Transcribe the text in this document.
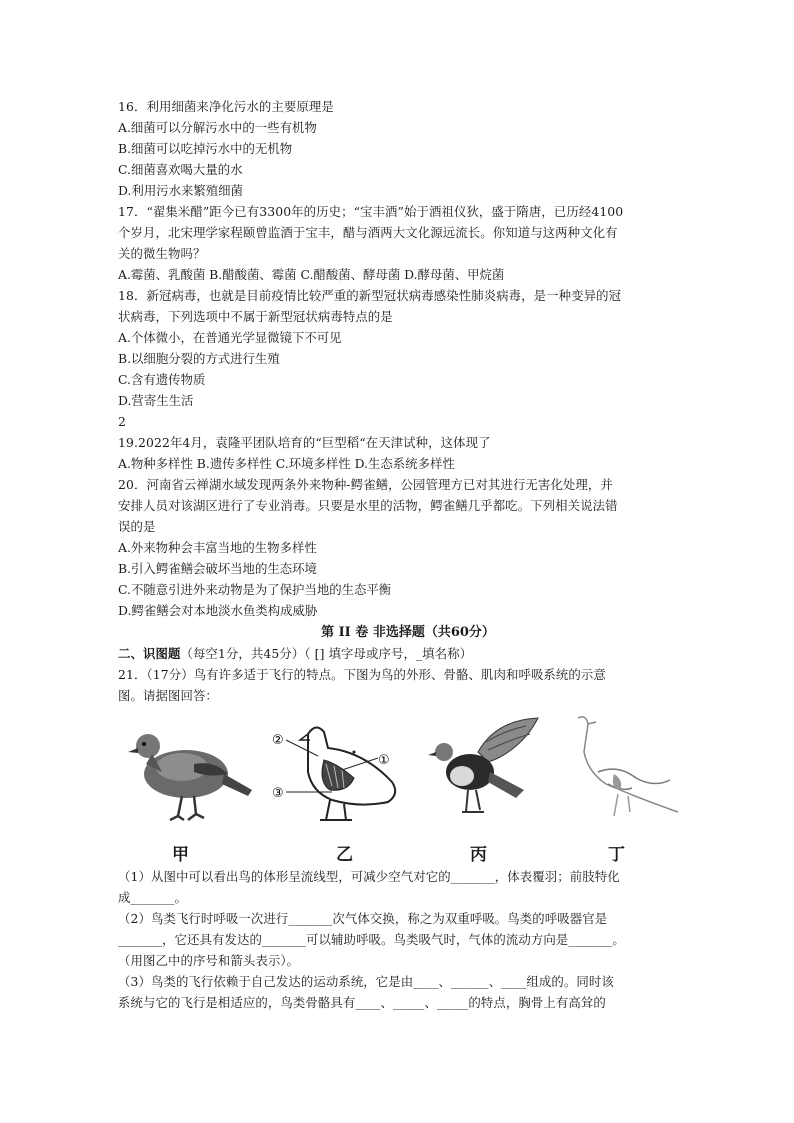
16．利用细菌来净化污水的主要原理是
A.细菌可以分解污水中的一些有机物
B.细菌可以吃掉污水中的无机物
C.细菌喜欢喝大量的水
D.利用污水来繁殖细菌
17．“翟集米醋”距今已有3300年的历史；“宝丰酒”始于酒祖仪狄，盛于隋唐，已历经4100
个岁月，北宋理学家程颐曾监酒于宝丰，醋与酒两大文化源远流长。你知道与这两种文化有
关的微生物吗？
A.霉菌、乳酸菌 B.醋酸菌、霉菌 C.醋酸菌、酵母菌 D.酵母菌、甲烷菌
18．新冠病毒，也就是目前疫情比较严重的新型冠状病毒感染性肺炎病毒，是一种变异的冠
状病毒，下列选项中不属于新型冠状病毒特点的是
A.个体微小，在普通光学显微镜下不可见
B.以细胞分裂的方式进行生殖
C.含有遗传物质
D.营寄生生活
2
19.2022年4月，袁隆平团队培育的“巨型稻“在天津试种，这体现了
A.物种多样性 B.遗传多样性 C.环境多样性 D.生态系统多样性
20．河南省云禅湖水域发现两条外来物种-鳄雀鳝，公园管理方已对其进行无害化处理，并
安排人员对该湖区进行了专业消毒。只要是水里的活物，鳄雀鳝几乎都吃。下列相关说法错
误的是
A.外来物种会丰富当地的生物多样性
B.引入鳄雀鳝会破坏当地的生态环境
C.不随意引进外来动物是为了保护当地的生态平衡
D.鳄雀鳝会对本地淡水鱼类构成威胁
第 II 卷 非选择题（共60分）
二、识图题（每空1分，共45分）（ [] 填字母或序号，_填名称）
21．（17分）鸟有许多适于飞行的特点。下图为鸟的外形、骨骼、肌肉和呼吸系统的示意
图。请据图回答：
②
①
③
甲	乙	丙	丁
（1）从图中可以看出鸟的体形呈流线型，可减少空气对它的_______，体表覆羽；前肢特化
成_______。
（2）鸟类飞行时呼吸一次进行_______次气体交换，称之为双重呼吸。鸟类的呼吸器官是
_______，它还具有发达的_______可以辅助呼吸。鸟类吸气时，气体的流动方向是_______。
（用图乙中的序号和箭头表示）。
（3）鸟类的飞行依赖于自己发达的运动系统，它是由____、______、____组成的。同时该
系统与它的飞行是相适应的，鸟类骨骼具有____、_____、_____的特点，胸骨上有高耸的
